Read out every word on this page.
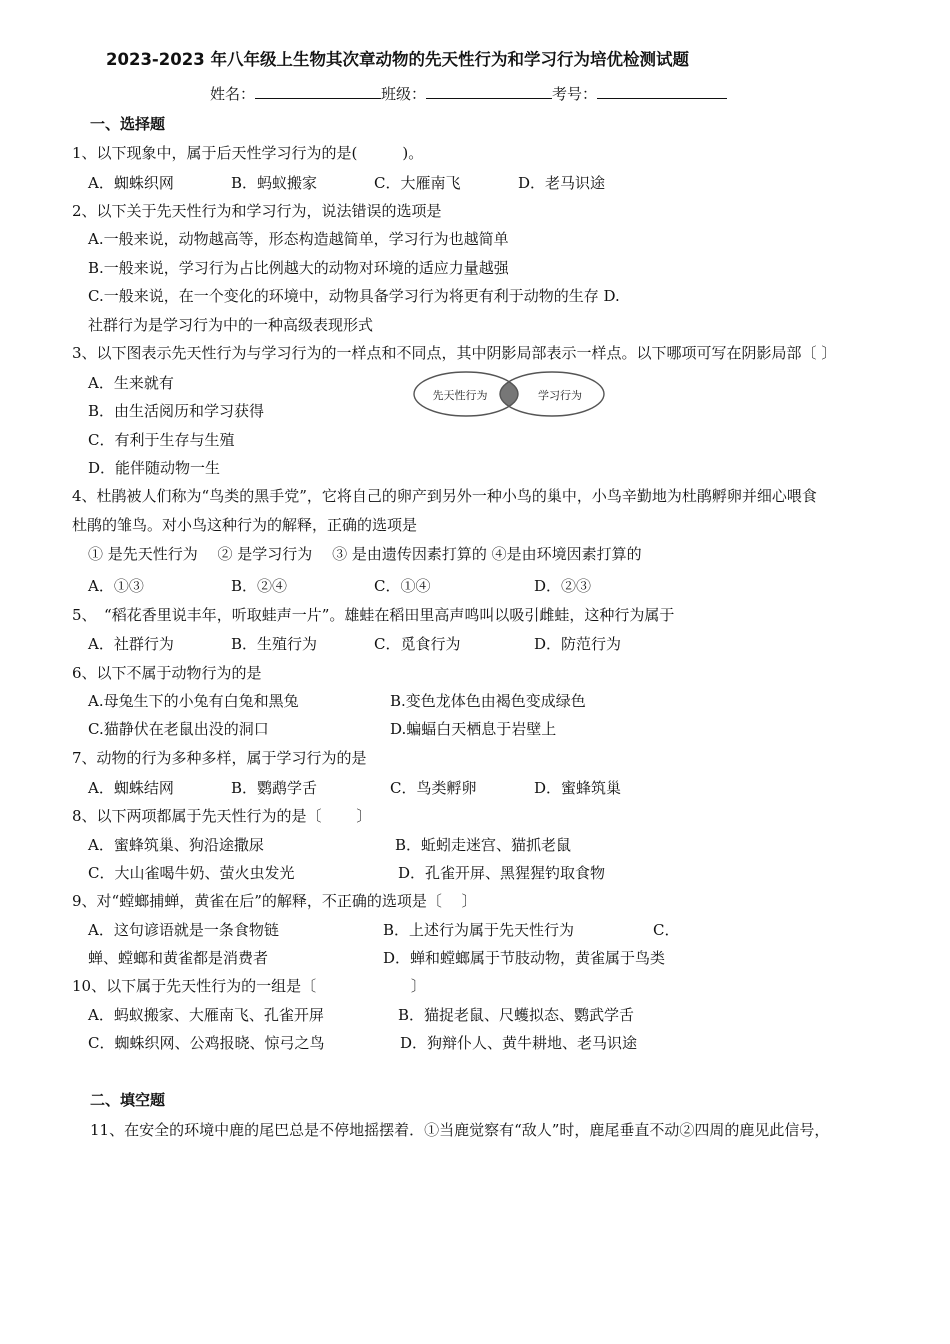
2023-2023 年八年级上生物其次章动物的先天性行为和学习行为培优检测试题
姓名：	班级：	考号：
一、选择题
1、以下现象中，属于后天性学习行为的是(　　　)。
A．蜘蛛织网	B．蚂蚁搬家	C．大雁南飞	D．老马识途
2、以下关于先天性行为和学习行为，说法错误的选项是
A.一般来说，动物越高等，形态构造越简单，学习行为也越简单
B.一般来说，学习行为占比例越大的动物对环境的适应力量越强
C.一般来说，在一个变化的环境中，动物具备学习行为将更有利于动物的生存 D.
社群行为是学习行为中的一种高级表现形式
3、以下图表示先天性行为与学习行为的一样点和不同点，其中阴影局部表示一样点。以下哪项可写在阴影局部〔 〕
A．生来就有
B．由生活阅历和学习获得
C．有利于生存与生殖
D．能伴随动物一生
先天性行为	学习行为
4、杜鹃被人们称为“鸟类的黑手党”，它将自己的卵产到另外一种小鸟的巢中，小鸟辛勤地为杜鹃孵卵并细心喂食
杜鹃的雏鸟。对小鸟这种行为的解释，正确的选项是
① 是先天性行为　 ② 是学习行为　 ③ 是由遗传因素打算的 ④是由环境因素打算的
A．①③	B．②④	C．①④	D．②③
5、　“稻花香里说丰年，听取蛙声一片”。雄蛙在稻田里高声鸣叫以吸引雌蛙，这种行为属于
A．社群行为	B．生殖行为	C．觅食行为	D．防范行为
6、以下不属于动物行为的是
A.母兔生下的小兔有白兔和黑兔	B.变色龙体色由褐色变成绿色
C.猫静伏在老鼠出没的洞口	D.蝙蝠白天栖息于岩壁上
7、动物的行为多种多样，属于学习行为的是
A．蜘蛛结网	B．鹦鹉学舌	C．鸟类孵卵	D．蜜蜂筑巢
8、以下两项都属于先天性行为的是〔　　 〕
A．蜜蜂筑巢、狗沿途撒尿	B．蚯蚓走迷宫、猫抓老鼠
C．大山雀喝牛奶、萤火虫发光	D．孔雀开屏、黑猩猩钓取食物
9、对“螳螂捕蝉，黄雀在后”的解释，不正确的选项是〔　 〕
A．这句谚语就是一条食物链	B．上述行为属于先天性行为	C．
蝉、螳螂和黄雀都是消费者	D．蝉和螳螂属于节肢动物，黄雀属于鸟类
10、以下属于先天性行为的一组是〔　　　　　　 〕
A．蚂蚁搬家、大雁南飞、孔雀开屏	B．猫捉老鼠、尺蠖拟态、鹦武学舌
C．蜘蛛织网、公鸡报晓、惊弓之鸟	D．狗辩仆人、黄牛耕地、老马识途
二、填空题
11、在安全的环境中鹿的尾巴总是不停地摇摆着．①当鹿觉察有“敌人”时，鹿尾垂直不动②四周的鹿见此信号，
